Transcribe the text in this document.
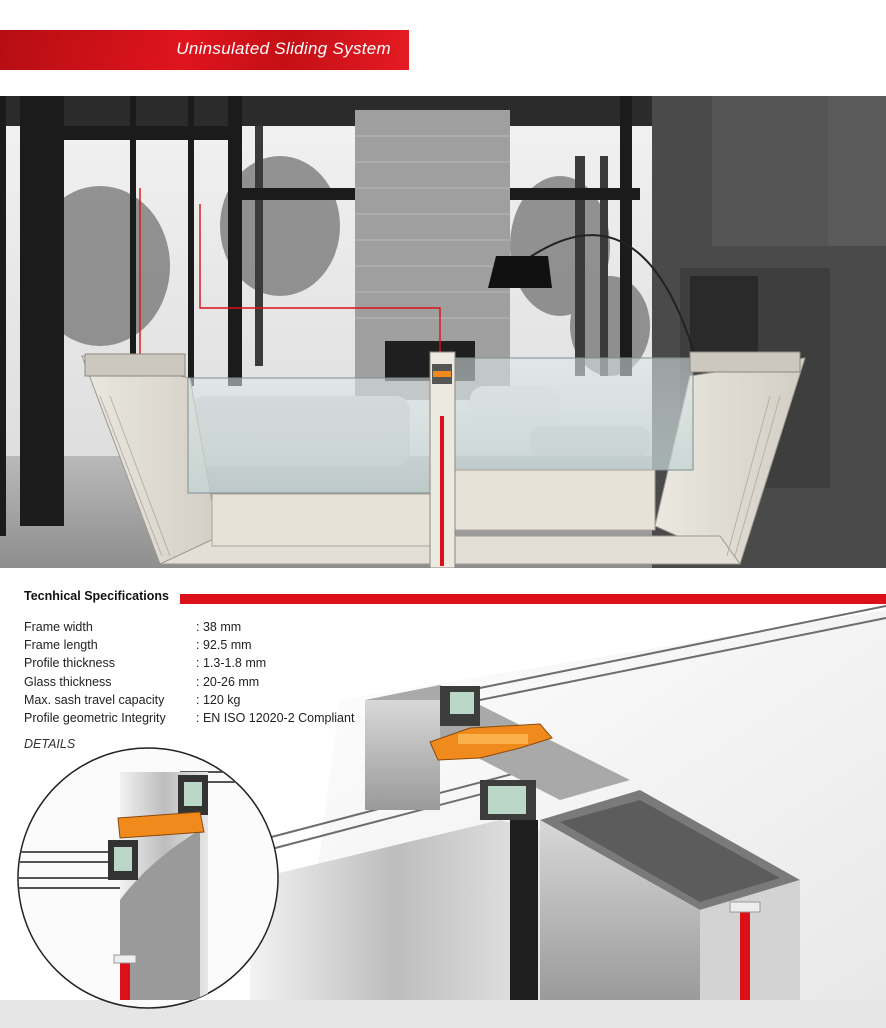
Uninsulated Sliding System
Tecnhical Specifications
Frame width	: 38 mm
Frame length	: 92.5 mm
Profile thickness	: 1.3-1.8 mm
Glass thickness	: 20-26 mm
Max. sash travel capacity	: 120 kg
Profile geometric Integrity	: EN ISO 12020-2 Compliant
DETAILS
